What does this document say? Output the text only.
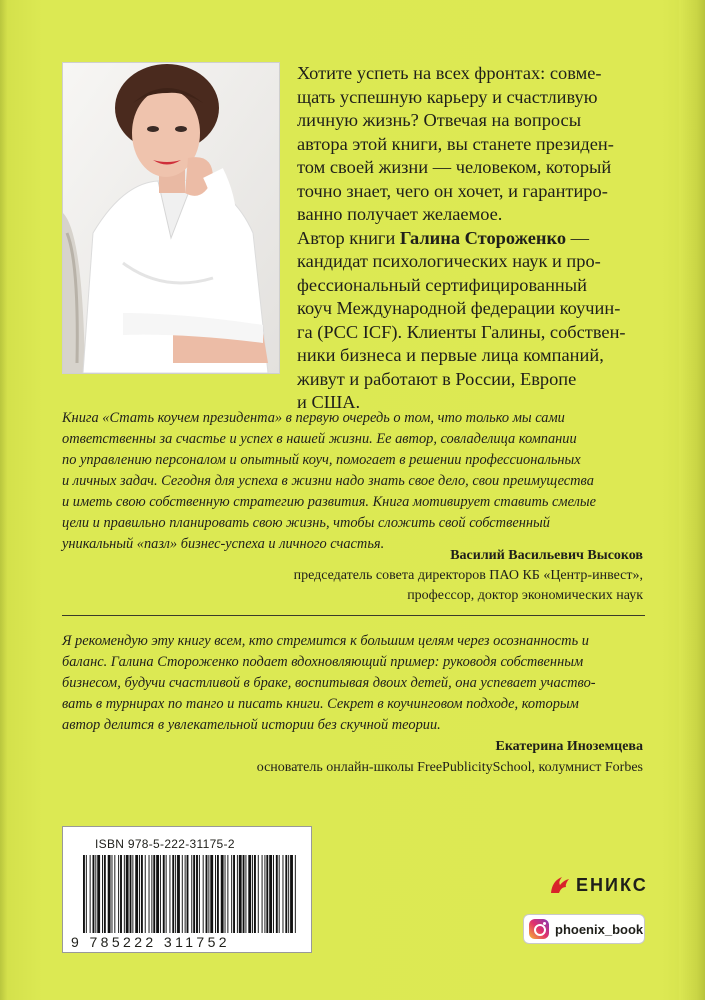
Хотите успеть на всех фронтах: совме-
щать успешную карьеру и счастливую
личную жизнь? Отвечая на вопросы
автора этой книги, вы станете президен-
том своей жизни — человеком, который
точно знает, чего он хочет, и гарантиро-
ванно получает желаемое.
Автор книги Галина Стороженко —
кандидат психологических наук и про-
фессиональный сертифицированный
коуч Международной федерации коучин-
га (PCC ICF). Клиенты Галины, собствен-
ники бизнеса и первые лица компаний,
живут и работают в России, Европе
и США.

Книга «Стать коучем президента» в первую очередь о том, что только мы сами
ответственны за счастье и успех в нашей жизни. Ее автор, совладелица компании
по управлению персоналом и опытный коуч, помогает в решении профессиональных
и личных задач. Сегодня для успеха в жизни надо знать свое дело, свои преимущества
и иметь свою собственную стратегию развития. Книга мотивирует ставить смелые
цели и правильно планировать свою жизнь, чтобы сложить свой собственный
уникальный «пазл» бизнес-успеха и личного счастья.

Василий Васильевич Высоков

председатель совета директоров ПАО КБ «Центр-инвест»,
профессор, доктор экономических наук

Я рекомендую эту книгу всем, кто стремится к большим целям через осознанность и
баланс. Галина Стороженко подает вдохновляющий пример: руководя собственным
бизнесом, будучи счастливой в браке, воспитывая двоих детей, она успевает участво-
вать в турнирах по танго и писать книги. Секрет в коучинговом подходе, которым
автор делится в увлекательной истории без скучной теории.

Екатерина Иноземцева

основатель онлайн-школы FreePublicitySchool, колумнист Forbes

ISBN 978-5-222-31175-2
9 785222 311752
ЕНИКС
phoenix_book
